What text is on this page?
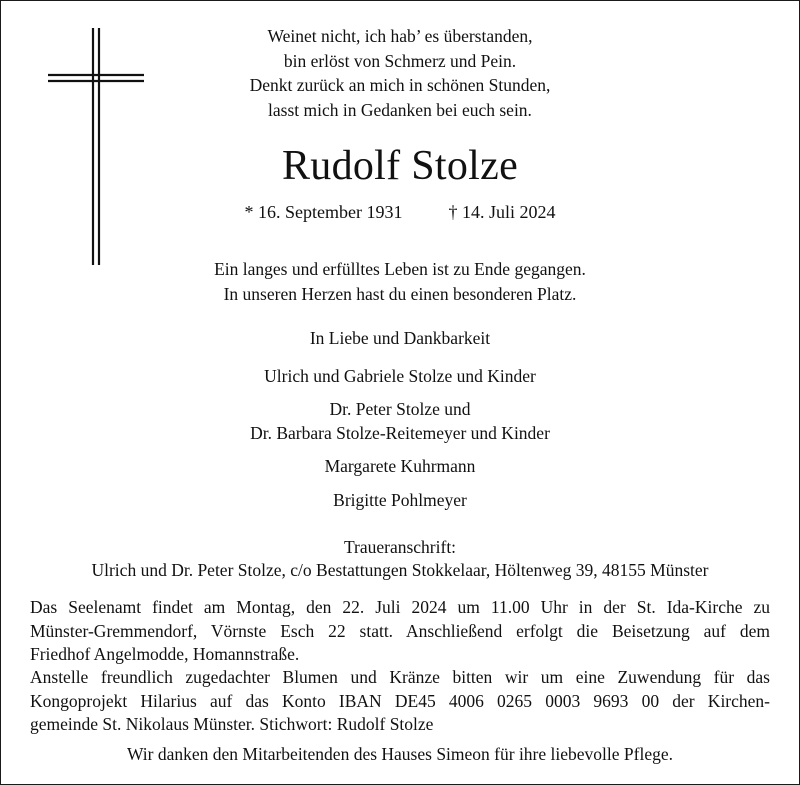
Weinet nicht, ich hab’ es überstanden,
bin erlöst von Schmerz und Pein.
Denkt zurück an mich in schönen Stunden,
lasst mich in Gedanken bei euch sein.
Rudolf Stolze
* 16. September 1931	† 14. Juli 2024
Ein langes und erfülltes Leben ist zu Ende gegangen.
In unseren Herzen hast du einen besonderen Platz.
In Liebe und Dankbarkeit
Ulrich und Gabriele Stolze und Kinder
Dr. Peter Stolze und
Dr. Barbara Stolze-Reitemeyer und Kinder
Margarete Kuhrmann
Brigitte Pohlmeyer
Traueranschrift:
Ulrich und Dr. Peter Stolze, c/o Bestattungen Stokkelaar, Höltenweg 39, 48155 Münster
Das Seelenamt findet am Montag, den 22. Juli 2024 um 11.00 Uhr in der St. Ida-Kirche zu
Münster-Gremmendorf, Vörnste Esch 22 statt. Anschließend erfolgt die Beisetzung auf dem
Friedhof Angelmodde, Homannstraße.
Anstelle freundlich zugedachter Blumen und Kränze bitten wir um eine Zuwendung für das
Kongoprojekt Hilarius auf das Konto IBAN DE45 4006 0265 0003 9693 00 der Kirchen-
gemeinde St. Nikolaus Münster. Stichwort: Rudolf Stolze
Wir danken den Mitarbeitenden des Hauses Simeon für ihre liebevolle Pflege.
